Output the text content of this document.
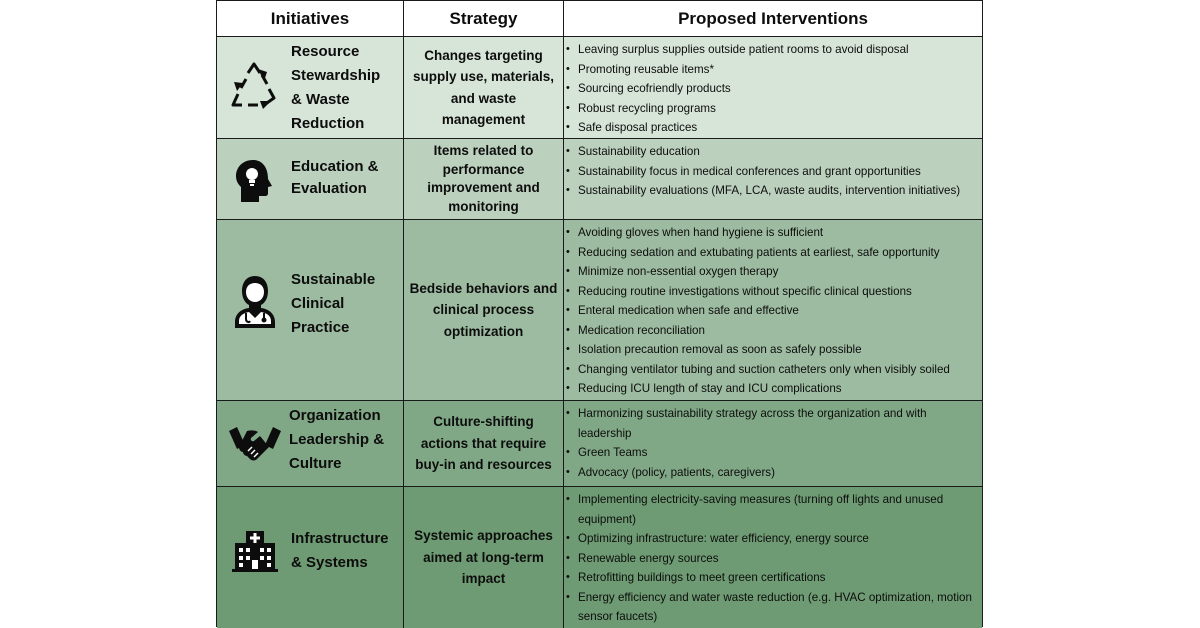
Initiatives	Strategy	Proposed Interventions
Resource
Stewardship
& Waste
Reduction
Changes targeting supply use, materials, and waste management
• Leaving surplus supplies outside patient rooms to avoid disposal
• Promoting reusable items*
• Sourcing ecofriendly products
• Robust recycling programs
• Safe disposal practices
Education &
Evaluation
Items related to performance improvement and monitoring
• Sustainability education
• Sustainability focus in medical conferences and grant opportunities
• Sustainability evaluations (MFA, LCA, waste audits, intervention initiatives)
Sustainable
Clinical
Practice
Bedside behaviors and clinical process optimization
• Avoiding gloves when hand hygiene is sufficient
• Reducing sedation and extubating patients at earliest, safe opportunity
• Minimize non-essential oxygen therapy
• Reducing routine investigations without specific clinical questions
• Enteral medication when safe and effective
• Medication reconciliation
• Isolation precaution removal as soon as safely possible
• Changing ventilator tubing and suction catheters only when visibly soiled
• Reducing ICU length of stay and ICU complications
Organization
Leadership &
Culture
Culture-shifting actions that require buy-in and resources
• Harmonizing sustainability strategy across the organization and with leadership
• Green Teams
• Advocacy (policy, patients, caregivers)
Infrastructure
& Systems
Systemic approaches aimed at long-term impact
• Implementing electricity-saving measures (turning off lights and unused equipment)
• Optimizing infrastructure: water efficiency, energy source
• Renewable energy sources
• Retrofitting buildings to meet green certifications
• Energy efficiency and water waste reduction (e.g. HVAC optimization, motion sensor faucets)
